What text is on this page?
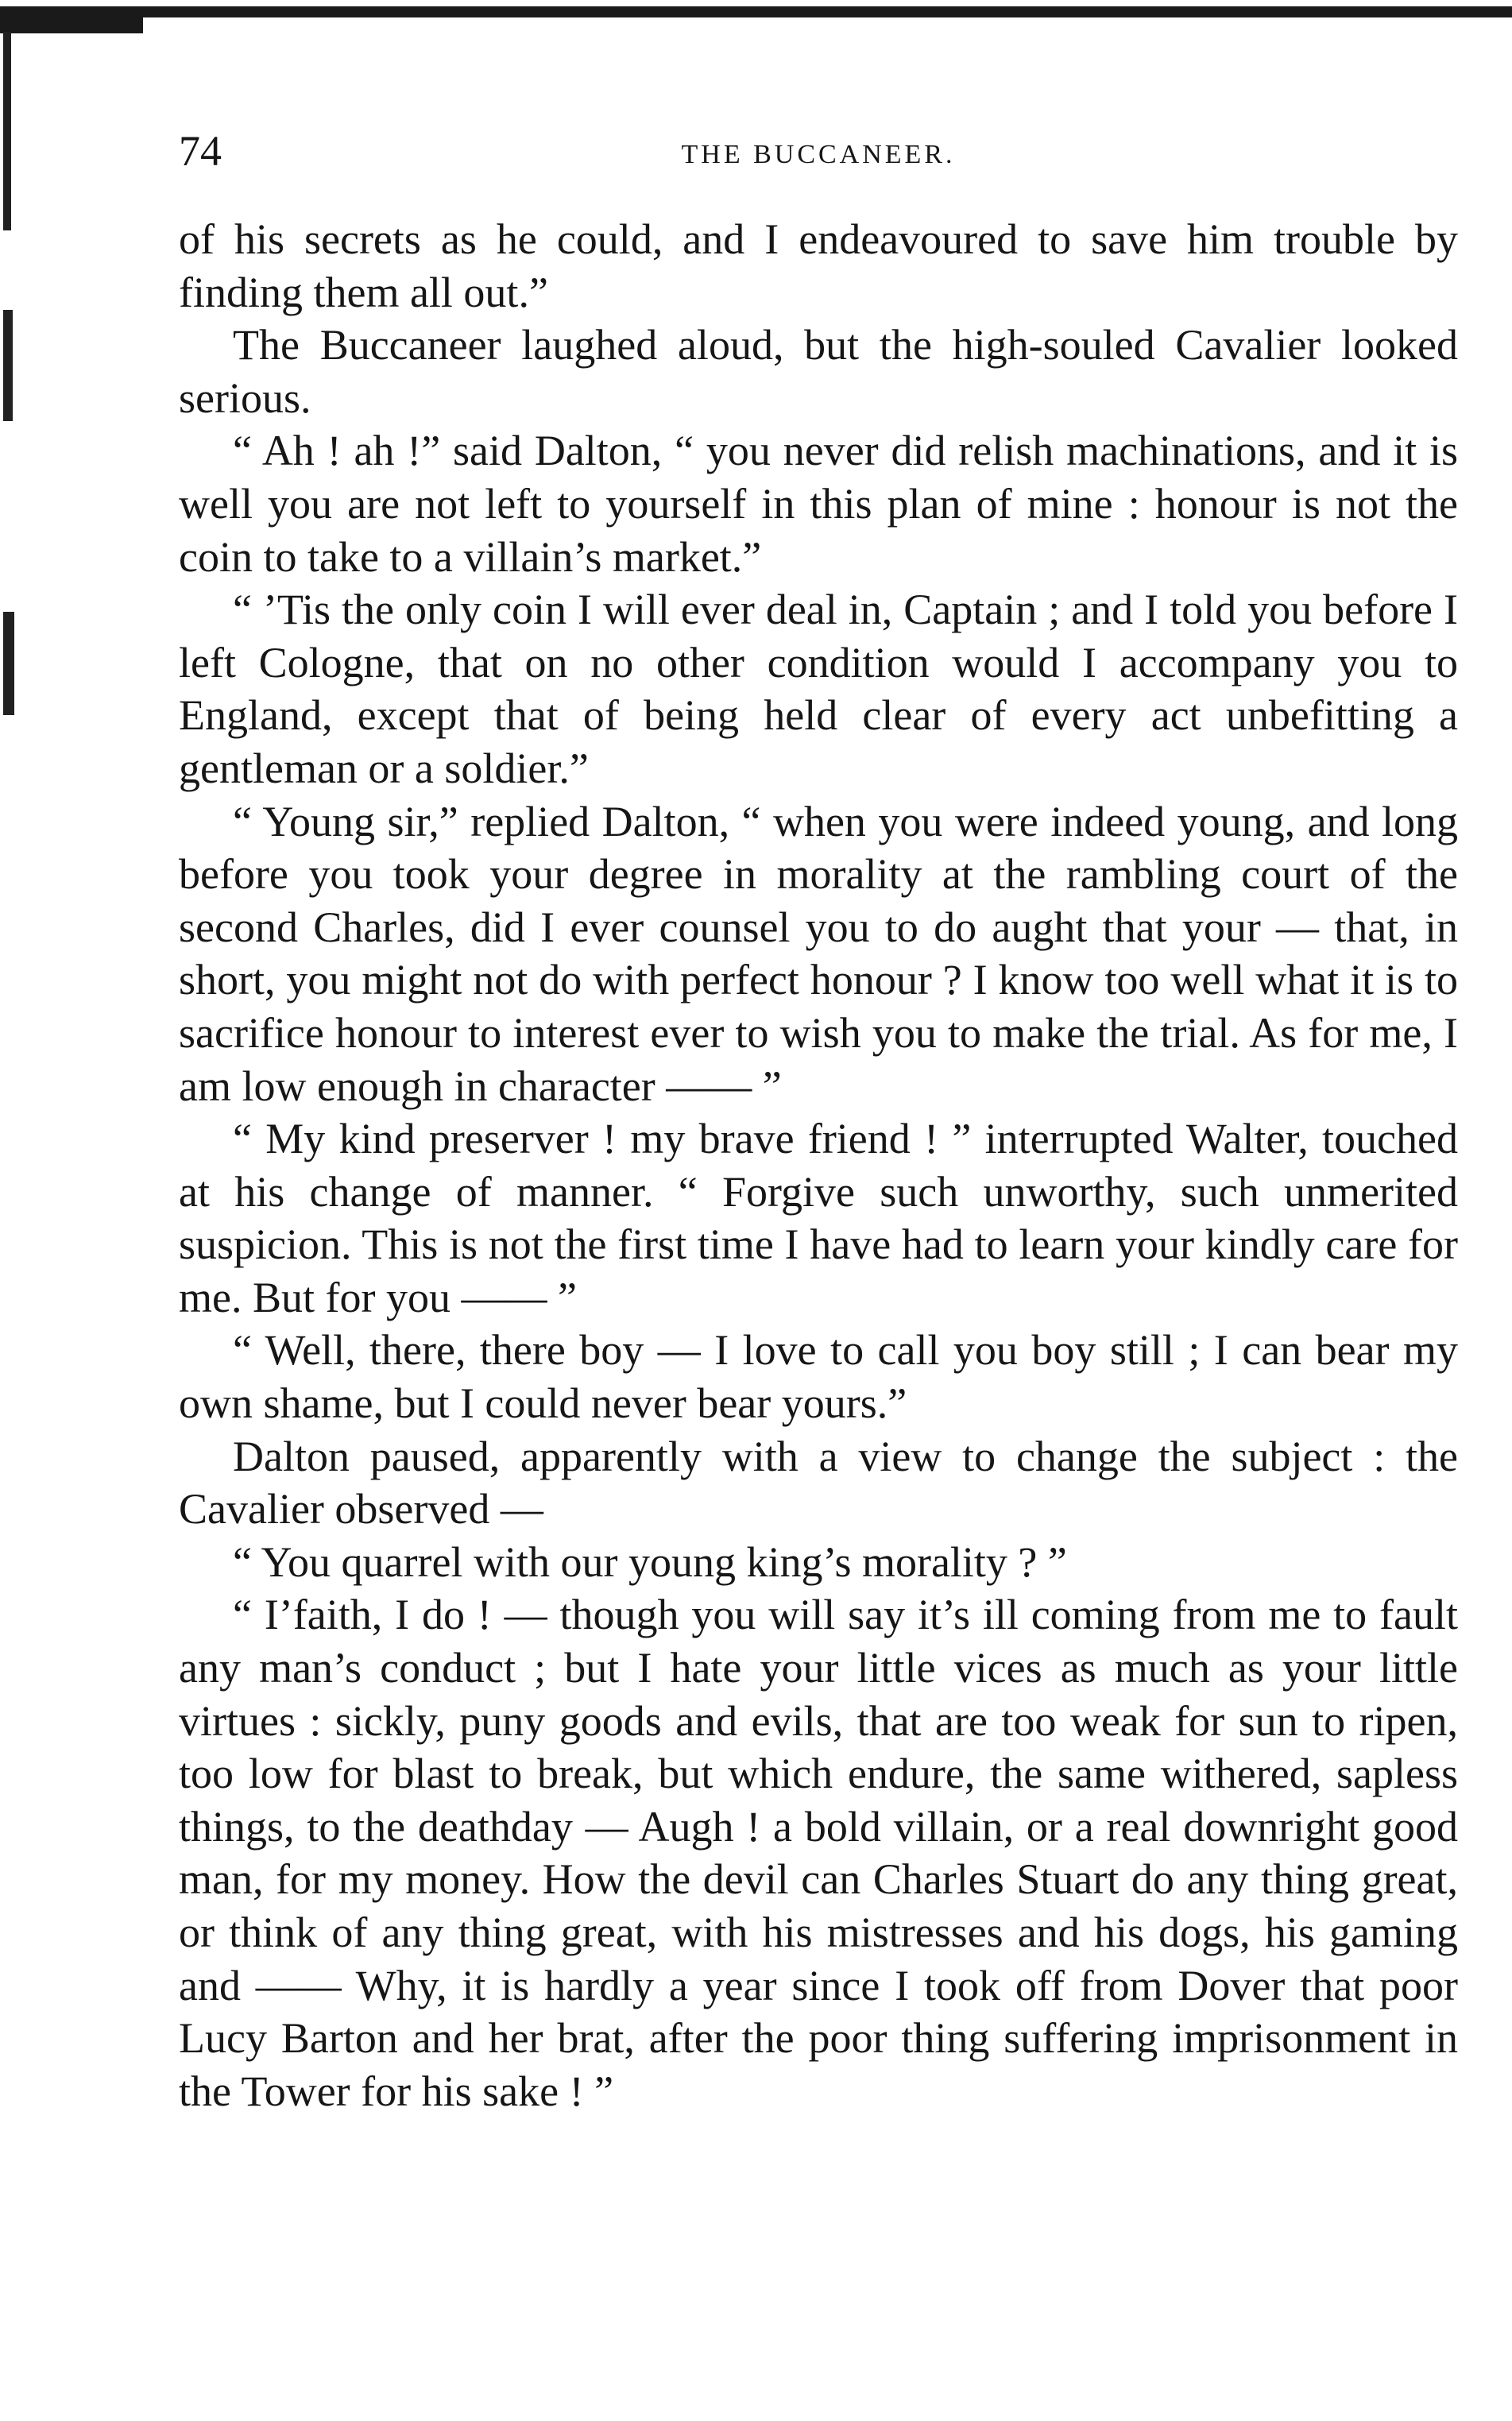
74	THE BUCCANEER.

of his secrets as he could, and I endeavoured to save him trouble by finding them all out.”

The Buccaneer laughed aloud, but the high-souled Cavalier looked serious.

“ Ah ! ah !” said Dalton, “ you never did relish machinations, and it is well you are not left to yourself in this plan of mine : honour is not the coin to take to a villain’s market.”

“ ’Tis the only coin I will ever deal in, Captain ; and I told you before I left Cologne, that on no other condition would I accompany you to England, except that of being held clear of every act unbefitting a gentleman or a soldier.”

“ Young sir,” replied Dalton, “ when you were indeed young, and long before you took your degree in morality at the rambling court of the second Charles, did I ever counsel you to do aught that your — that, in short, you might not do with perfect honour ? I know too well what it is to sacrifice honour to interest ever to wish you to make the trial. As for me, I am low enough in character —— ”

“ My kind preserver ! my brave friend ! ” interrupted Walter, touched at his change of manner. “ Forgive such unworthy, such unmerited suspicion. This is not the first time I have had to learn your kindly care for me. But for you —— ”

“ Well, there, there boy — I love to call you boy still ; I can bear my own shame, but I could never bear yours.”

Dalton paused, apparently with a view to change the subject : the Cavalier observed —

“ You quarrel with our young king’s morality ? ”

“ I’faith, I do ! — though you will say it’s ill coming from me to fault any man’s conduct ; but I hate your little vices as much as your little virtues : sickly, puny goods and evils, that are too weak for sun to ripen, too low for blast to break, but which endure, the same withered, sapless things, to the deathday — Augh ! a bold villain, or a real downright good man, for my money. How the devil can Charles Stuart do any thing great, or think of any thing great, with his mistresses and his dogs, his gaming and —— Why, it is hardly a year since I took off from Dover that poor Lucy Barton and her brat, after the poor thing suffering imprisonment in the Tower for his sake ! ”
